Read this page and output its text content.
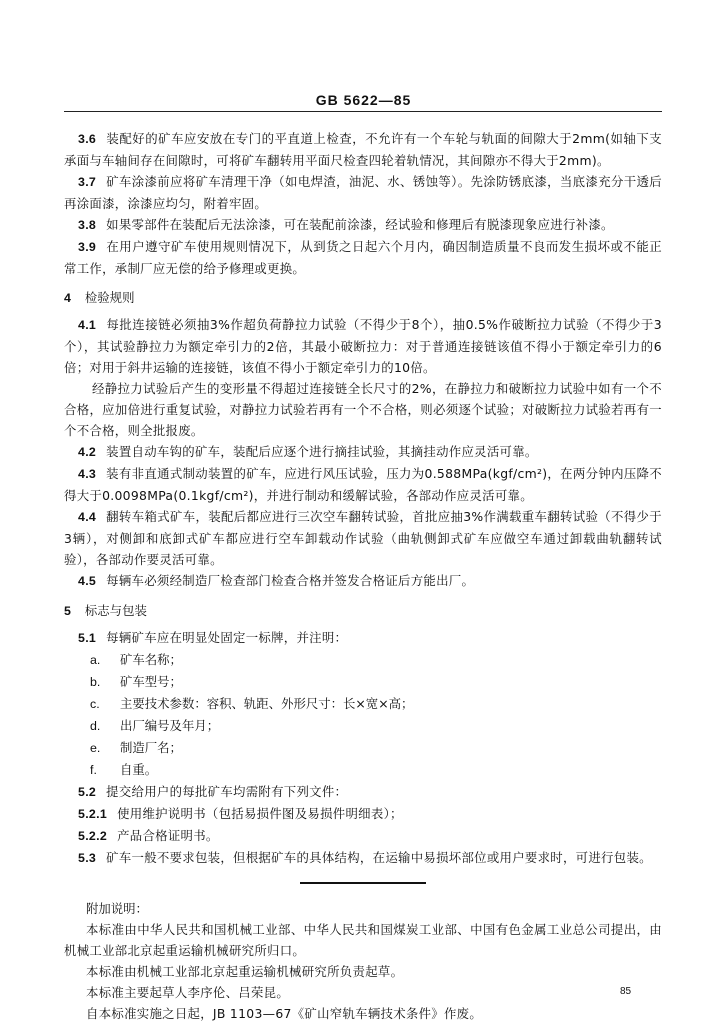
GB 5622—85

3.6 装配好的矿车应安放在专门的平直道上检查，不允许有一个车轮与轨面的间隙大于2mm(如轴下支承面与车轴间存在间隙时，可将矿车翻转用平面尺检查四轮着轨情况，其间隙亦不得大于2mm)。

3.7 矿车涂漆前应将矿车清理干净（如电焊渣，油泥、水、锈蚀等）。先涂防锈底漆，当底漆充分干透后再涂面漆，涂漆应均匀，附着牢固。

3.8 如果零部件在装配后无法涂漆，可在装配前涂漆，经试验和修理后有脱漆现象应进行补漆。

3.9 在用户遵守矿车使用规则情况下，从到货之日起六个月内，确因制造质量不良而发生损坏或不能正常工作，承制厂应无偿的给予修理或更换。

4 检验规则

4.1 每批连接链必须抽3%作超负荷静拉力试验（不得少于8个），抽0.5%作破断拉力试验（不得少于3个），其试验静拉力为额定牵引力的2倍，其最小破断拉力：对于普通连接链该值不得小于额定牵引力的6倍；对用于斜井运输的连接链，该值不得小于额定牵引力的10倍。

经静拉力试验后产生的变形量不得超过连接链全长尺寸的2%，在静拉力和破断拉力试验中如有一个不合格，应加倍进行重复试验，对静拉力试验若再有一个不合格，则必须逐个试验；对破断拉力试验若再有一个不合格，则全批报废。

4.2 装置自动车钩的矿车，装配后应逐个进行摘挂试验，其摘挂动作应灵活可靠。

4.3 装有非直通式制动装置的矿车，应进行风压试验，压力为0.588MPa(kgf/cm²)，在两分钟内压降不得大于0.0098MPa(0.1kgf/cm²)，并进行制动和缓解试验，各部动作应灵活可靠。

4.4 翻转车箱式矿车，装配后都应进行三次空车翻转试验，首批应抽3%作满载重车翻转试验（不得少于3辆），对侧卸和底卸式矿车都应进行空车卸载动作试验（曲轨侧卸式矿车应做空车通过卸载曲轨翻转试验），各部动作要灵活可靠。

4.5 每辆车必须经制造厂检查部门检查合格并签发合格证后方能出厂。

5 标志与包装

5.1 每辆矿车应在明显处固定一标牌，并注明：

a. 矿车名称；
b. 矿车型号；
c. 主要技术参数：容积、轨距、外形尺寸：长×宽×高；
d. 出厂编号及年月；
e. 制造厂名；
f. 自重。

5.2 提交给用户的每批矿车均需附有下列文件：

5.2.1 使用维护说明书（包括易损件图及易损件明细表）；

5.2.2 产品合格证明书。

5.3 矿车一般不要求包装，但根据矿车的具体结构，在运输中易损坏部位或用户要求时，可进行包装。

附加说明：

本标准由中华人民共和国机械工业部、中华人民共和国煤炭工业部、中国有色金属工业总公司提出，由机械工业部北京起重运输机械研究所归口。

本标准由机械工业部北京起重运输机械研究所负责起草。

本标准主要起草人李序伦、吕荣昆。

自本标准实施之日起，JB 1103—67《矿山窄轨车辆技术条件》作废。

85
